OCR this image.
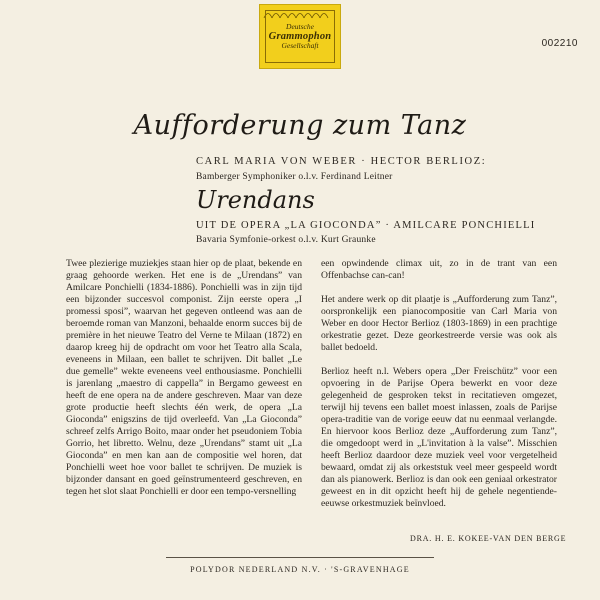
Deutsche
Grammophon
Gesellschaft	002210
Aufforderung zum Tanz
CARL MARIA VON WEBER · HECTOR BERLIOZ:
Bamberger Symphoniker o.l.v. Ferdinand Leitner
Urendans
UIT DE OPERA „LA GIOCONDA” · AMILCARE PONCHIELLI
Bavaria Symfonie-orkest o.l.v. Kurt Graunke

Twee plezierige muziekjes staan hier op de plaat, bekende en graag gehoorde werken. Het ene is de „Urendans” van Amilcare Ponchielli (1834-1886). Ponchielli was in zijn tijd een bijzonder succesvol componist. Zijn eerste opera „I promessi sposi”, waarvan het gegeven ontleend was aan de beroemde roman van Manzoni, behaalde enorm succes bij de première in het nieuwe Teatro del Verne te Milaan (1872) en daarop kreeg hij de opdracht om voor het Teatro alla Scala, eveneens in Milaan, een ballet te schrijven. Dit ballet „Le due gemelle” wekte eveneens veel enthousiasme. Ponchielli is jarenlang „maestro di cappella” in Bergamo geweest en heeft de ene opera na de andere geschreven. Maar van deze grote productie heeft slechts één werk, de opera „La Gioconda” enigszins de tijd overleefd. Van „La Gioconda” schreef zelfs Arrigo Boito, maar onder het pseudoniem Tobia Gorrio, het libretto. Welnu, deze „Urendans” stamt uit „La Gioconda” en men kan aan de compositie wel horen, dat Ponchielli weet hoe voor ballet te schrijven. De muziek is bijzonder dansant en goed geïnstrumenteerd geschreven, en tegen het slot slaat Ponchielli er door een tempo-versnelling

een opwindende climax uit, zo in de trant van een Offenbachse can-can!

Het andere werk op dit plaatje is „Aufforderung zum Tanz”, oorspronkelijk een pianocompositie van Carl Maria von Weber en door Hector Berlioz (1803-1869) in een prachtige orkestratie gezet. Deze georkestreerde versie was ook als ballet bedoeld.

Berlioz heeft n.l. Webers opera „Der Freischütz” voor een opvoering in de Parijse Opera bewerkt en voor deze gelegenheid de gesproken tekst in recitatieven omgezet, terwijl hij tevens een ballet moest inlassen, zoals de Parijse opera-traditie van de vorige eeuw dat nu eenmaal verlangde. En hiervoor koos Berlioz deze „Aufforderung zum Tanz”, die omgedoopt werd in „L'invitation à la valse”. Misschien heeft Berlioz daardoor deze muziek veel voor vergetelheid bewaard, omdat zij als orkeststuk veel meer gespeeld wordt dan als pianowerk. Berlioz is dan ook een geniaal orkestrator geweest en in dit opzicht heeft hij de gehele negentiende-eeuwse orkestmuziek beïnvloed.

DRA. H. E. KOKEE-VAN DEN BERGE
POLYDOR NEDERLAND N.V. · 'S-GRAVENHAGE
